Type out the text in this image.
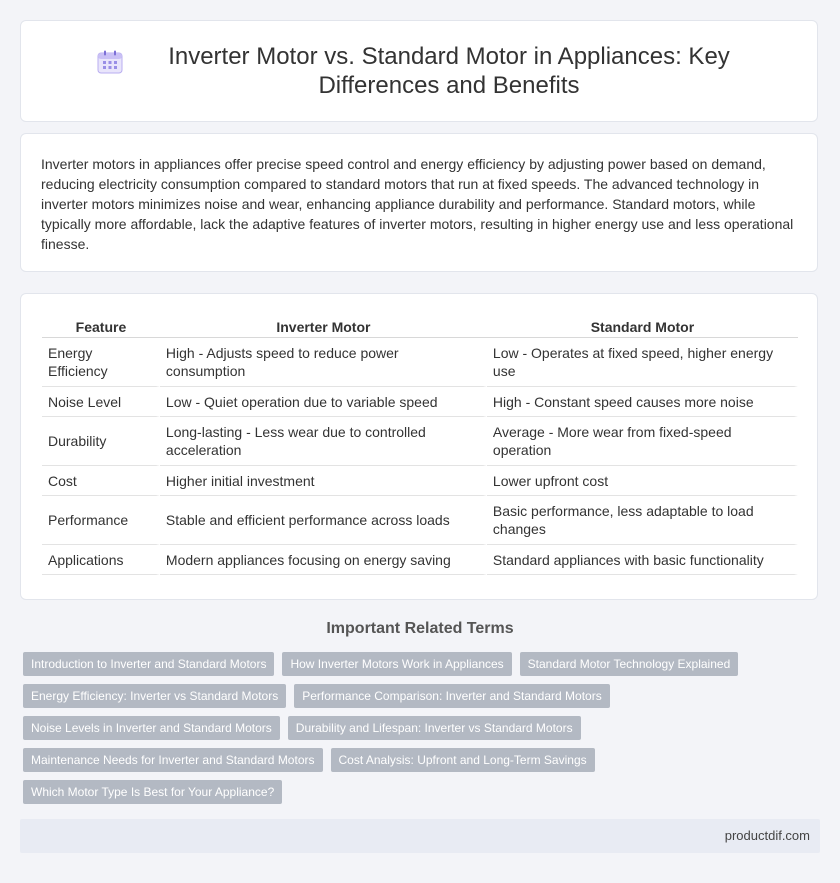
Inverter Motor vs. Standard Motor in Appliances: Key Differences and Benefits

Inverter motors in appliances offer precise speed control and energy efficiency by adjusting power based on demand, reducing electricity consumption compared to standard motors that run at fixed speeds. The advanced technology in inverter motors minimizes noise and wear, enhancing appliance durability and performance. Standard motors, while typically more affordable, lack the adaptive features of inverter motors, resulting in higher energy use and less operational finesse.

Feature	Inverter Motor	Standard Motor
Energy Efficiency	High - Adjusts speed to reduce power consumption	Low - Operates at fixed speed, higher energy use
Noise Level	Low - Quiet operation due to variable speed	High - Constant speed causes more noise
Durability	Long-lasting - Less wear due to controlled acceleration	Average - More wear from fixed-speed operation
Cost	Higher initial investment	Lower upfront cost
Performance	Stable and efficient performance across loads	Basic performance, less adaptable to load changes
Applications	Modern appliances focusing on energy saving	Standard appliances with basic functionality
Important Related Terms
Introduction to Inverter and Standard Motors	How Inverter Motors Work in Appliances	Standard Motor Technology Explained
Energy Efficiency: Inverter vs Standard Motors	Performance Comparison: Inverter and Standard Motors
Noise Levels in Inverter and Standard Motors	Durability and Lifespan: Inverter vs Standard Motors
Maintenance Needs for Inverter and Standard Motors	Cost Analysis: Upfront and Long-Term Savings
Which Motor Type Is Best for Your Appliance?
productdif.com
